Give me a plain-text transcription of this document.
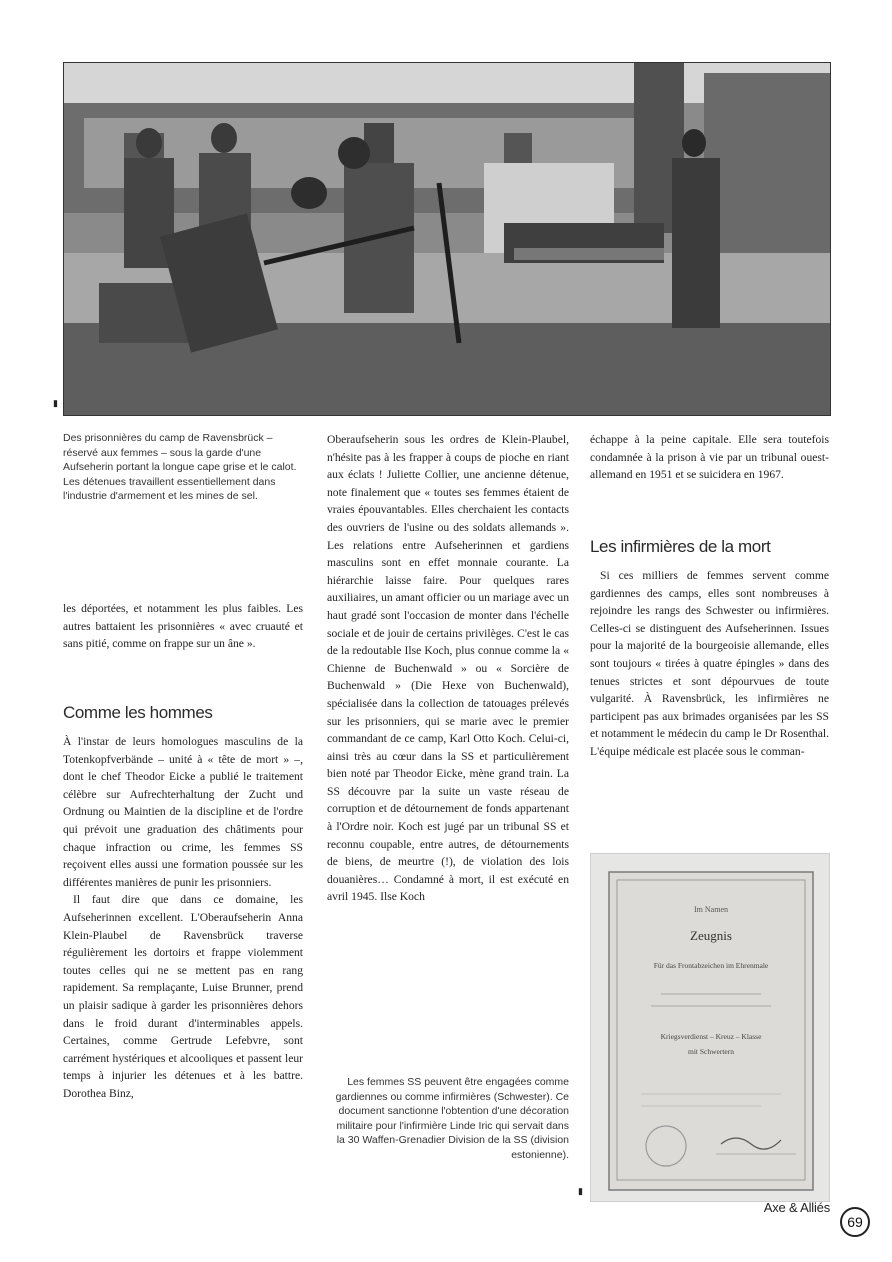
▮

Des prisonnières du camp de Ravensbrück – réservé aux femmes – sous la garde d'une Aufseherin portant la longue cape grise et le calot. Les détenues travaillent essentiellement dans l'industrie d'armement et les mines de sel.

les déportées, et notamment les plus faibles. Les autres battaient les prisonnières « avec cruauté et sans pitié, comme on frappe sur un âne ».

Comme les hommes

À l'instar de leurs homologues masculins de la Totenkopfverbände – unité à « tête de mort » –, dont le chef Theodor Eicke a publié le traitement célèbre sur Aufrechterhaltung der Zucht und Ordnung ou Maintien de la discipline et de l'ordre qui prévoit une graduation des châtiments pour chaque infraction ou crime, les femmes SS reçoivent elles aussi une formation poussée sur les différentes manières de punir les prisonniers.

Il faut dire que dans ce domaine, les Aufseherinnen excellent. L'Oberaufseherin Anna Klein-Plaubel de Ravensbrück traverse régulièrement les dortoirs et frappe violemment toutes celles qui ne se mettent pas en rang rapidement. Sa remplaçante, Luise Brunner, prend un plaisir sadique à garder les prisonnières dehors dans le froid durant d'interminables appels. Certaines, comme Gertrude Lefebvre, sont carrément hystériques et alcooliques et passent leur temps à injurier les détenues et à les battre. Dorothea Binz,

Oberaufseherin sous les ordres de Klein-Plaubel, n'hésite pas à les frapper à coups de pioche en riant aux éclats ! Juliette Collier, une ancienne détenue, note finalement que « toutes ses femmes étaient de vraies épouvantables. Elles cherchaient les contacts des ouvriers de l'usine ou des soldats allemands ». Les relations entre Aufseherinnen et gardiens masculins sont en effet monnaie courante. La hiérarchie laisse faire. Pour quelques rares auxiliaires, un amant officier ou un mariage avec un haut gradé sont l'occasion de monter dans l'échelle sociale et de jouir de certains privilèges. C'est le cas de la redoutable Ilse Koch, plus connue comme la « Chienne de Buchenwald » ou « Sorcière de Buchenwald » (Die Hexe von Buchenwald), spécialisée dans la collection de tatouages prélevés sur les prisonniers, qui se marie avec le premier commandant de ce camp, Karl Otto Koch. Celui-ci, ainsi très au cœur dans la SS et particulièrement bien noté par Theodor Eicke, mène grand train. La SS découvre par la suite un vaste réseau de corruption et de détournement de fonds appartenant à l'Ordre noir. Koch est jugé par un tribunal SS et reconnu coupable, entre autres, de détournements de biens, de meurtre (!), de violation des lois douanières… Condamné à mort, il est exécuté en avril 1945. Ilse Koch

Les femmes SS peuvent être engagées comme gardiennes ou comme infirmières (Schwester). Ce document sanctionne l'obtention d'une décoration militaire pour l'infirmière Linde Iric qui servait dans la 30 Waffen-Grenadier Division de la SS (division estonienne).

▮

échappe à la peine capitale. Elle sera toutefois condamnée à la prison à vie par un tribunal ouest-allemand en 1951 et se suicidera en 1967.

Les infirmières de la mort

Si ces milliers de femmes servent comme gardiennes des camps, elles sont nombreuses à rejoindre les rangs des Schwester ou infirmières. Celles-ci se distinguent des Aufseherinnen. Issues pour la majorité de la bourgeoisie allemande, elles sont toujours « tirées à quatre épingles » dans des tenues strictes et sont dépourvues de toute vulgarité. À Ravensbrück, les infirmières ne participent pas aux brimades organisées par les SS et notamment le médecin du camp le Dr Rosenthal. L'équipe médicale est placée sous le comman-

Im Namen
Zeugnis
Für das Frontabzeichen im Ehrenmale
Kriegsverdienst – Kreuz – Klasse
mit Schwertern
Axe & Alliés
69
